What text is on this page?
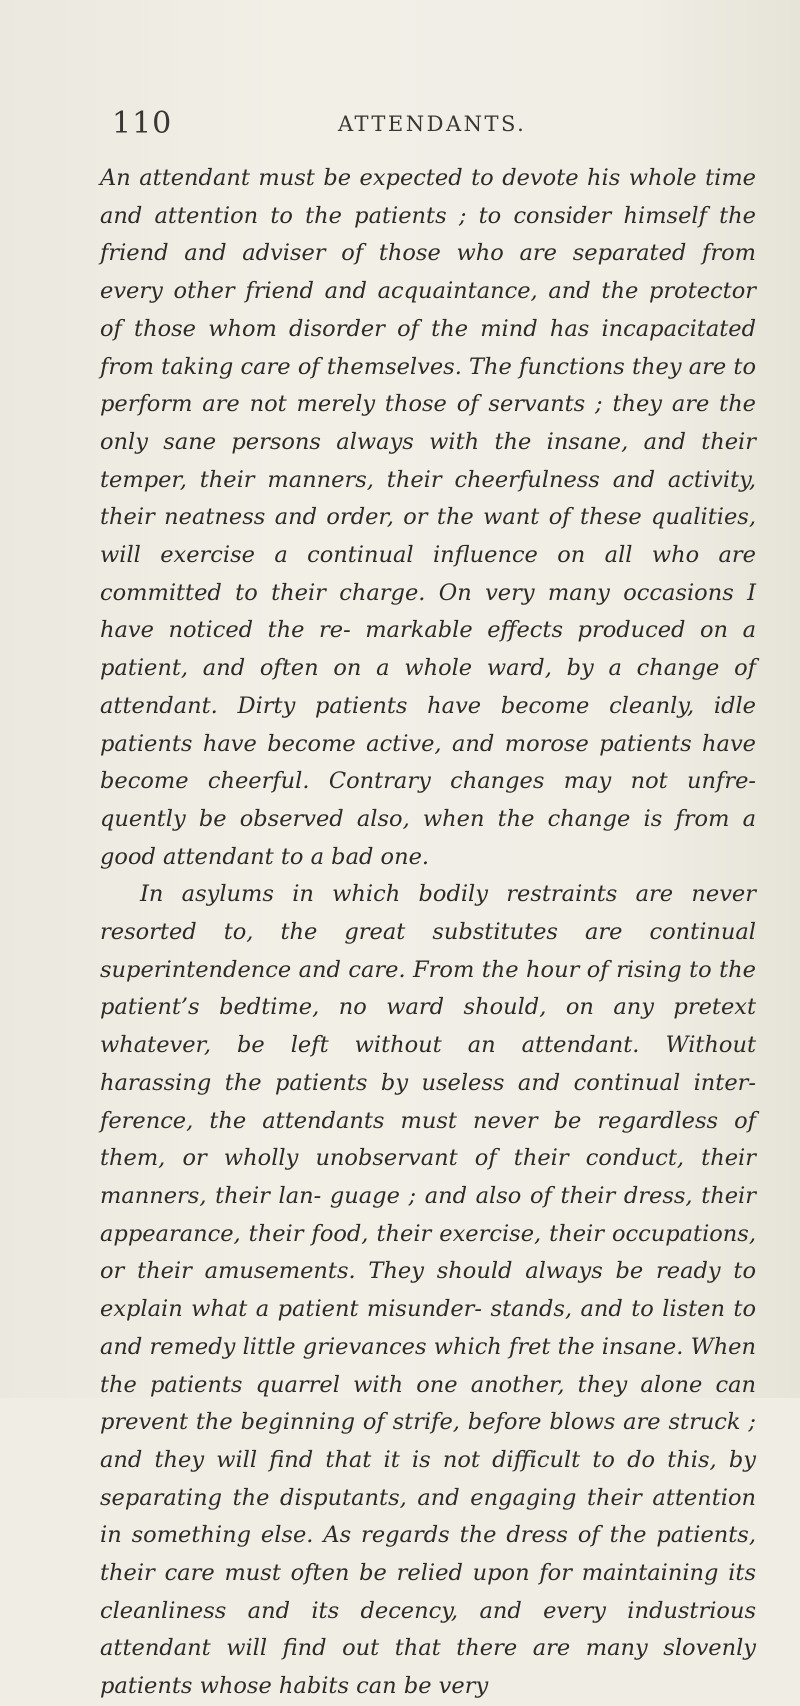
110	ATTENDANTS.

An attendant must be expected to devote his whole time and attention to the patients ; to consider himself the friend and adviser of those who are separated from every other friend and acquaintance, and the protector of those whom disorder of the mind has incapacitated from taking care of themselves. The functions they are to perform are not merely those of servants ; they are the only sane persons always with the insane, and their temper, their manners, their cheerfulness and activity, their neatness and order, or the want of these qualities, will exercise a continual influence on all who are committed to their charge. On very many occasions I have noticed the re- markable effects produced on a patient, and often on a whole ward, by a change of attendant. Dirty patients have become cleanly, idle patients have become active, and morose patients have become cheerful. Contrary changes may not unfre- quently be observed also, when the change is from a good attendant to a bad one.

In asylums in which bodily restraints are never resorted to, the great substitutes are continual superintendence and care. From the hour of rising to the patient’s bedtime, no ward should, on any pretext whatever, be left without an attendant. Without harassing the patients by useless and continual inter- ference, the attendants must never be regardless of them, or wholly unobservant of their conduct, their manners, their lan- guage ; and also of their dress, their appearance, their food, their exercise, their occupations, or their amusements. They should always be ready to explain what a patient misunder- stands, and to listen to and remedy little grievances which fret the insane. When the patients quarrel with one another, they alone can prevent the beginning of strife, before blows are struck ; and they will find that it is not difficult to do this, by separating the disputants, and engaging their attention in something else. As regards the dress of the patients, their care must often be relied upon for maintaining its cleanliness and its decency, and every industrious attendant will find out that there are many slovenly patients whose habits can be very
